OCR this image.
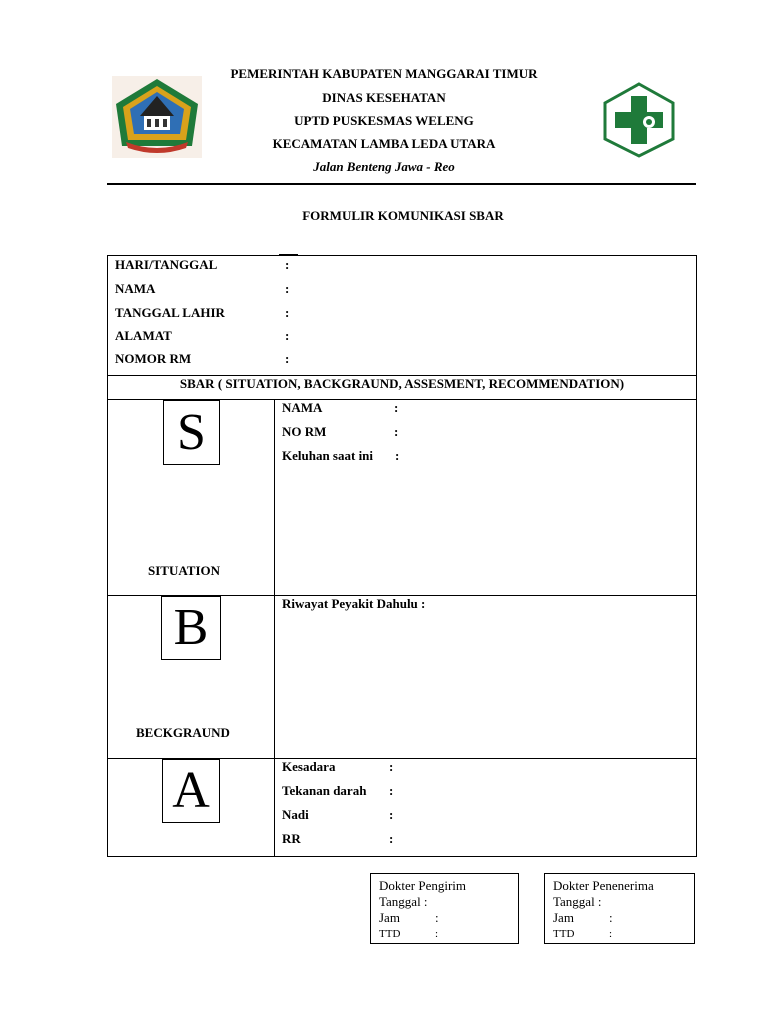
PEMERINTAH KABUPATEN MANGGARAI TIMUR
DINAS KESEHATAN
UPTD PUSKESMAS WELENG
KECAMATAN LAMBA LEDA UTARA
Jalan Benteng Jawa - Reo
FORMULIR KOMUNIKASI SBAR
HARI/TANGGAL	:
NAMA	:
TANGGAL LAHIR	:
ALAMAT	:
NOMOR RM	:
SBAR ( SITUATION, BACKGRAUND, ASSESMENT, RECOMMENDATION)
S
SITUATION
NAMA	:
NO RM	:
Keluhan saat ini :
B
BECKGRAUND
Riwayat Peyakit Dahulu :
A	Kesadara	:
Tekanan darah :
Nadi	:
RR	:
Dokter Pengirim
Tanggal :
Jam	:
TTD	:
Dokter Penenerima
Tanggal :
Jam	:
TTD	:
